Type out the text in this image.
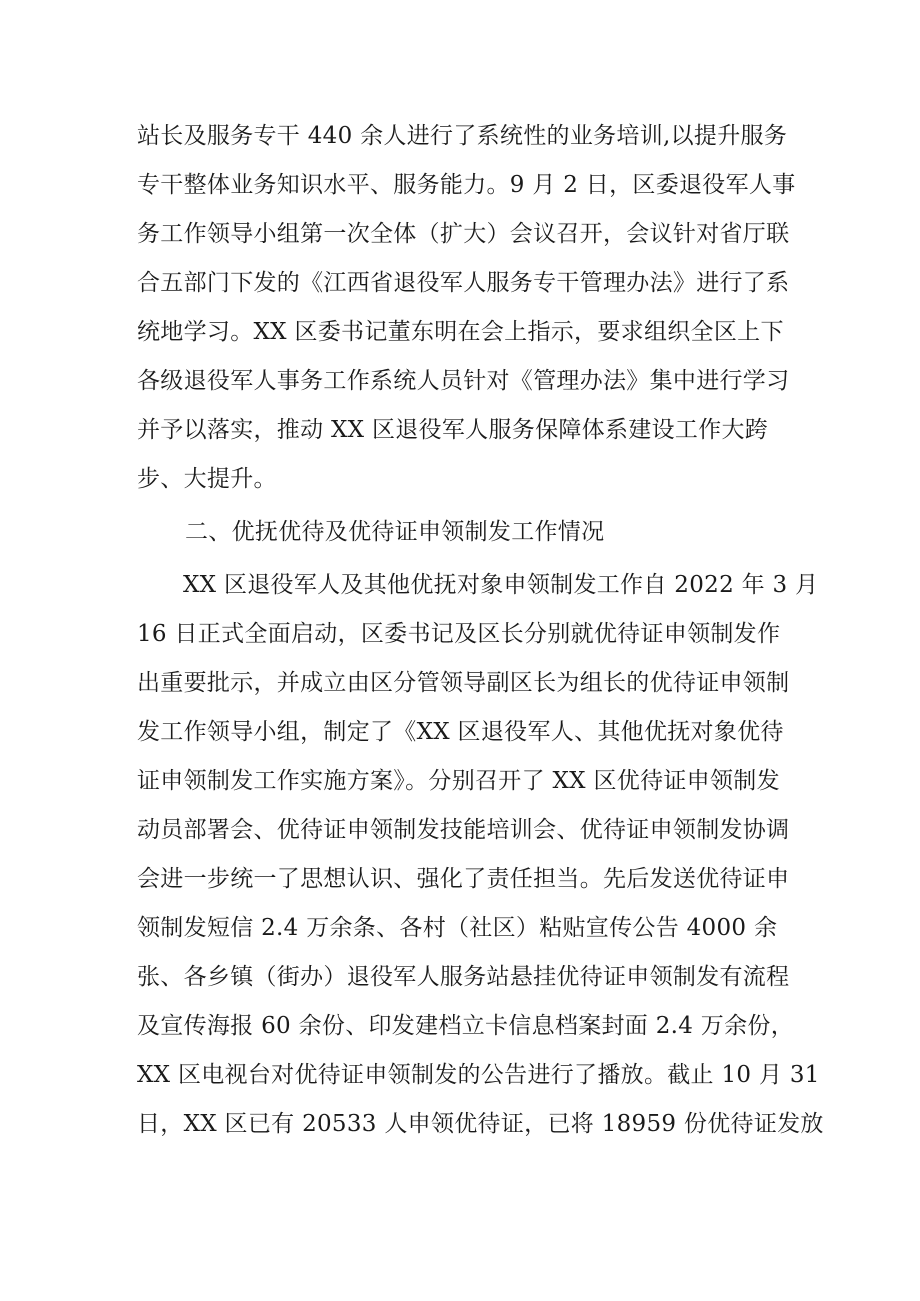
站长及服务专干 440 余人进行了系统性的业务培训,以提升服务
专干整体业务知识水平、服务能力。9 月 2 日，区委退役军人事
务工作领导小组第一次全体（扩大）会议召开，会议针对省厅联
合五部门下发的《江西省退役军人服务专干管理办法》进行了系
统地学习。XX 区委书记董东明在会上指示，要求组织全区上下
各级退役军人事务工作系统人员针对《管理办法》集中进行学习
并予以落实，推动 XX 区退役军人服务保障体系建设工作大跨
步、大提升。
二、优抚优待及优待证申领制发工作情况
XX 区退役军人及其他优抚对象申领制发工作自 2022 年 3 月
16 日正式全面启动，区委书记及区长分别就优待证申领制发作
出重要批示，并成立由区分管领导副区长为组长的优待证申领制
发工作领导小组，制定了《XX 区退役军人、其他优抚对象优待
证申领制发工作实施方案》。分别召开了 XX 区优待证申领制发
动员部署会、优待证申领制发技能培训会、优待证申领制发协调
会进一步统一了思想认识、强化了责任担当。先后发送优待证申
领制发短信 2.4 万余条、各村（社区）粘贴宣传公告 4000 余
张、各乡镇（街办）退役军人服务站悬挂优待证申领制发有流程
及宣传海报 60 余份、印发建档立卡信息档案封面 2.4 万余份，
XX 区电视台对优待证申领制发的公告进行了播放。截止 10 月 31
日，XX 区已有 20533 人申领优待证，已将 18959 份优待证发放
